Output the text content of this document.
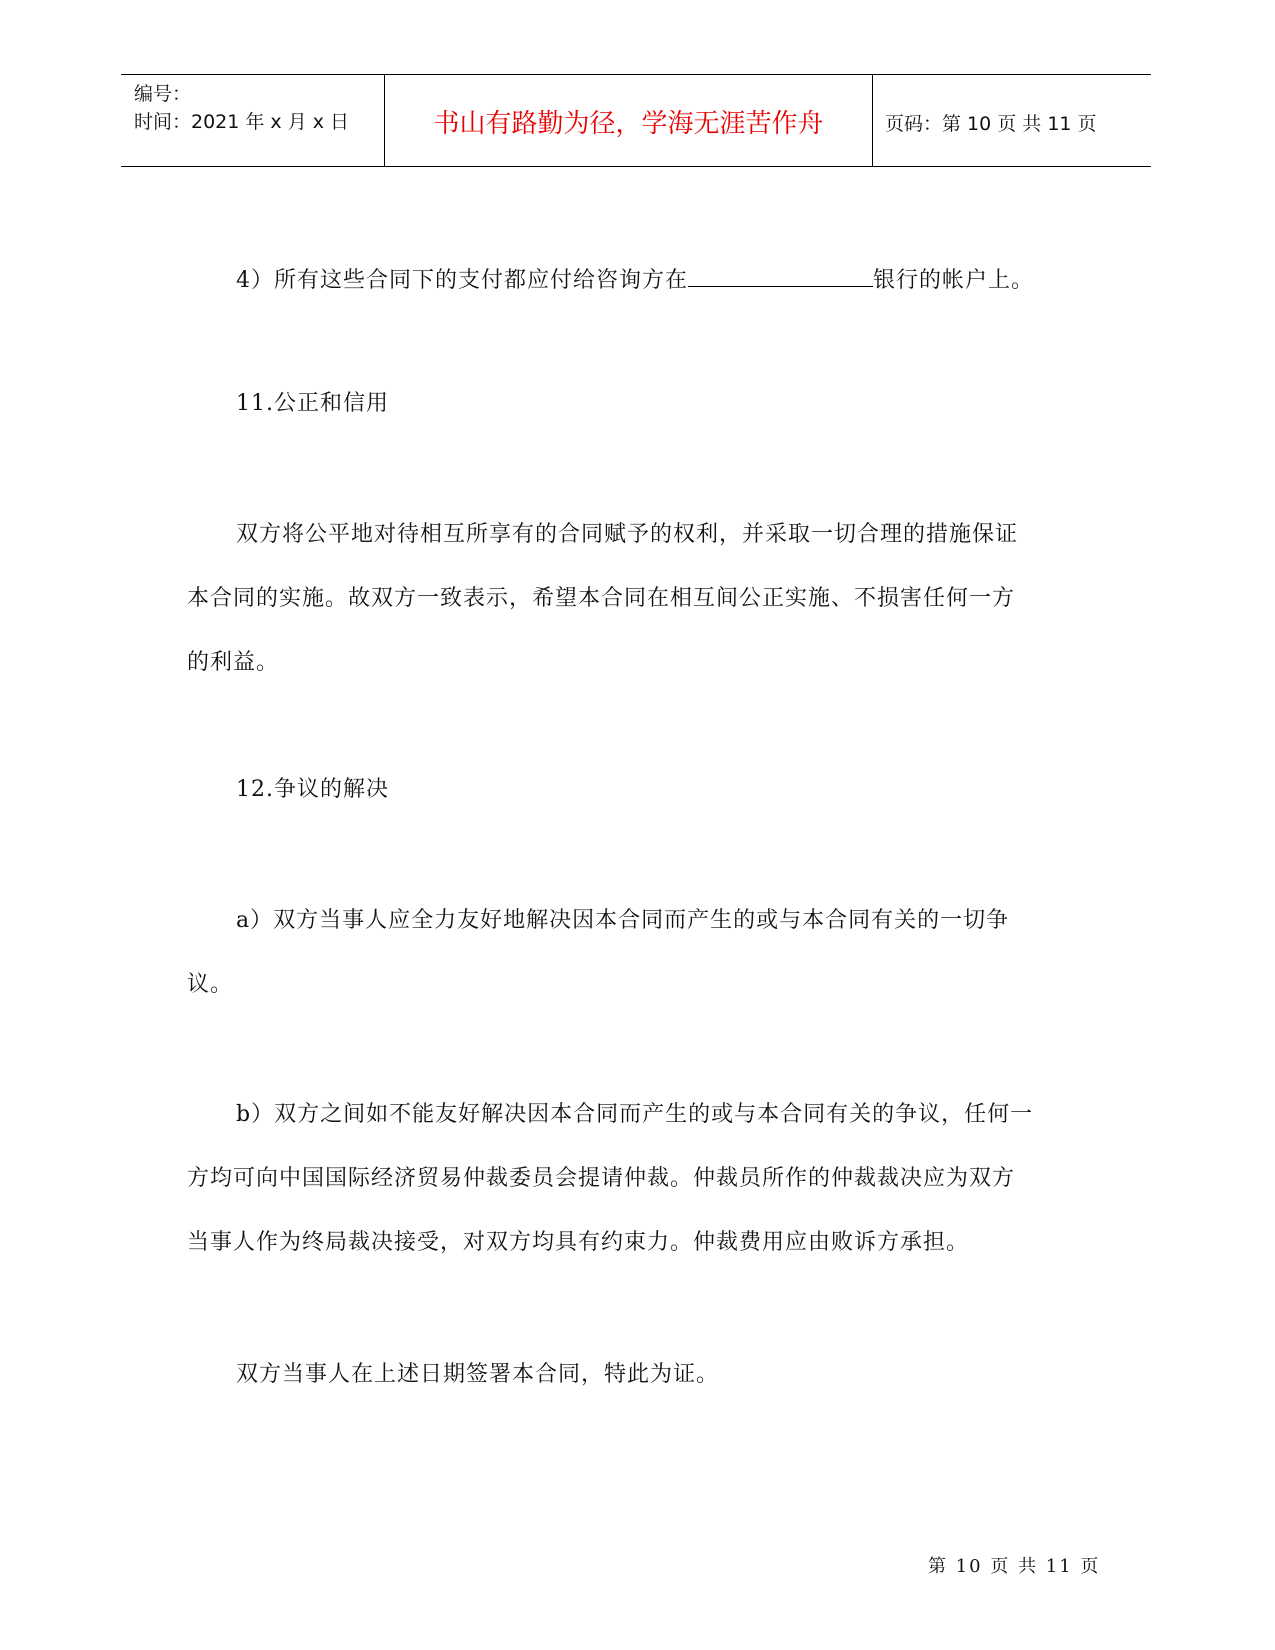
编号：
时间：2021 年 x 月 x 日	书山有路勤为径，学海无涯苦作舟	页码：第 10 页 共 11 页
4）所有这些合同下的支付都应付给咨询方在	银行的帐户上。
11.公正和信用
双方将公平地对待相互所享有的合同赋予的权利，并采取一切合理的措施保证
本合同的实施。故双方一致表示，希望本合同在相互间公正实施、不损害任何一方
的利益。
12.争议的解决
a）双方当事人应全力友好地解决因本合同而产生的或与本合同有关的一切争
议。
b）双方之间如不能友好解决因本合同而产生的或与本合同有关的争议，任何一
方均可向中国国际经济贸易仲裁委员会提请仲裁。仲裁员所作的仲裁裁决应为双方
当事人作为终局裁决接受，对双方均具有约束力。仲裁费用应由败诉方承担。
双方当事人在上述日期签署本合同，特此为证。
第 10 页 共 11 页
